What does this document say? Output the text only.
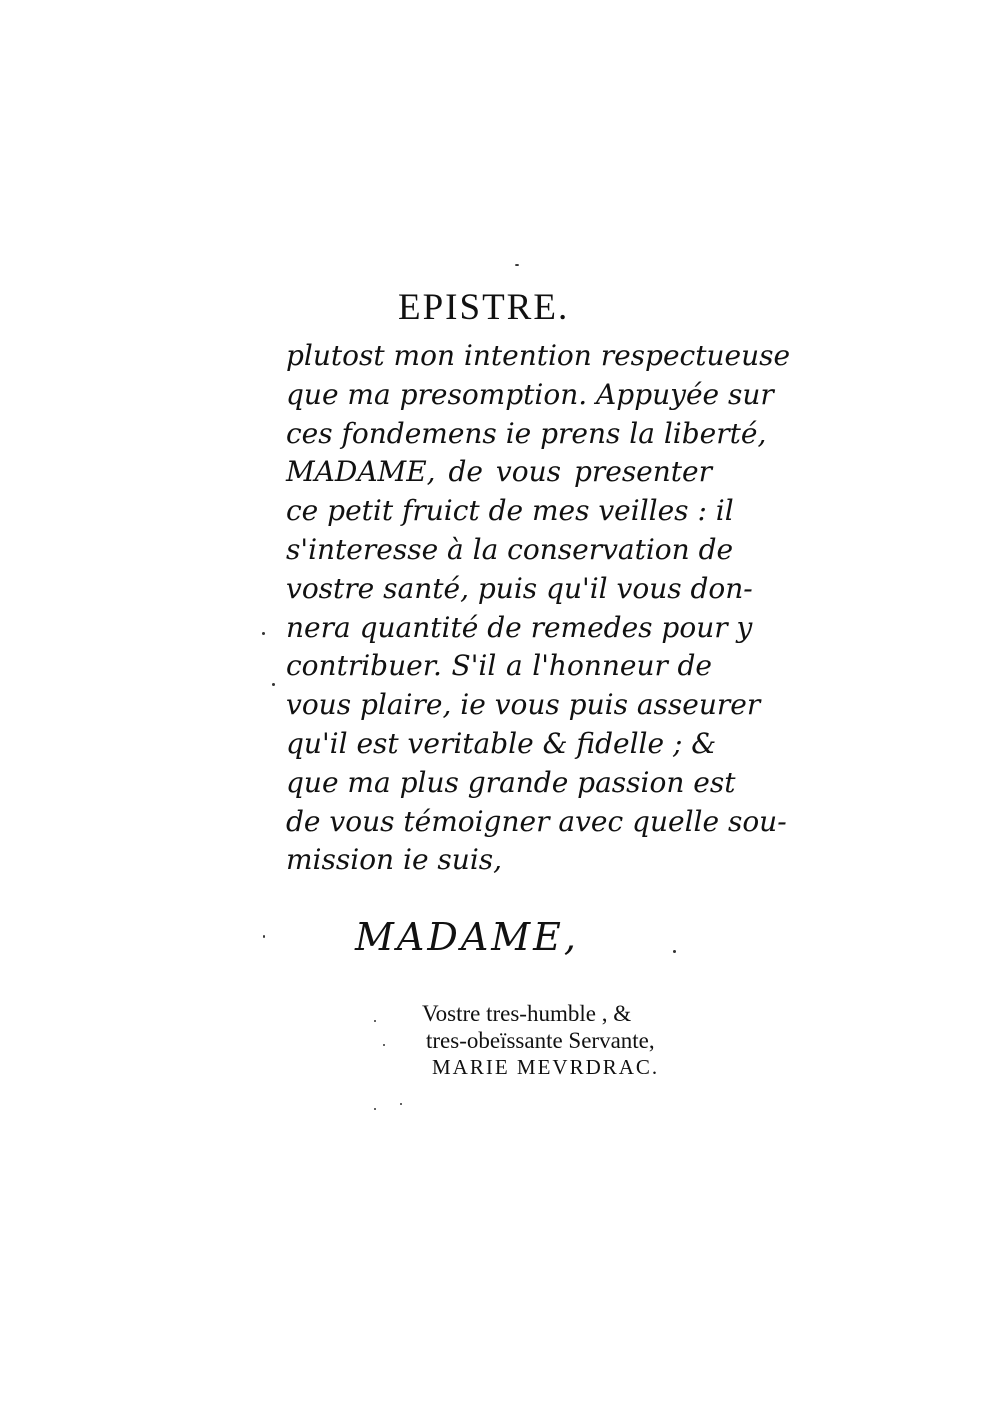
EPISTRE.
plutost mon intention respectueuse
que ma presomption. Appuyée sur
ces fondemens ie prens la liberté,
MADAME, de vous presenter
ce petit fruict de mes veilles : il
s'interesse à la conservation de
vostre santé, puis qu'il vous don-
nera quantité de remedes pour y
contribuer. S'il a l'honneur de
vous plaire, ie vous puis asseurer
qu'il est veritable & fidelle ; &
que ma plus grande passion est
de vous témoigner avec quelle sou-
mission ie suis,
MADAME,
Vostre tres-humble , &
tres-obeïssante Servante,
MARIE MEVRDRAC.
